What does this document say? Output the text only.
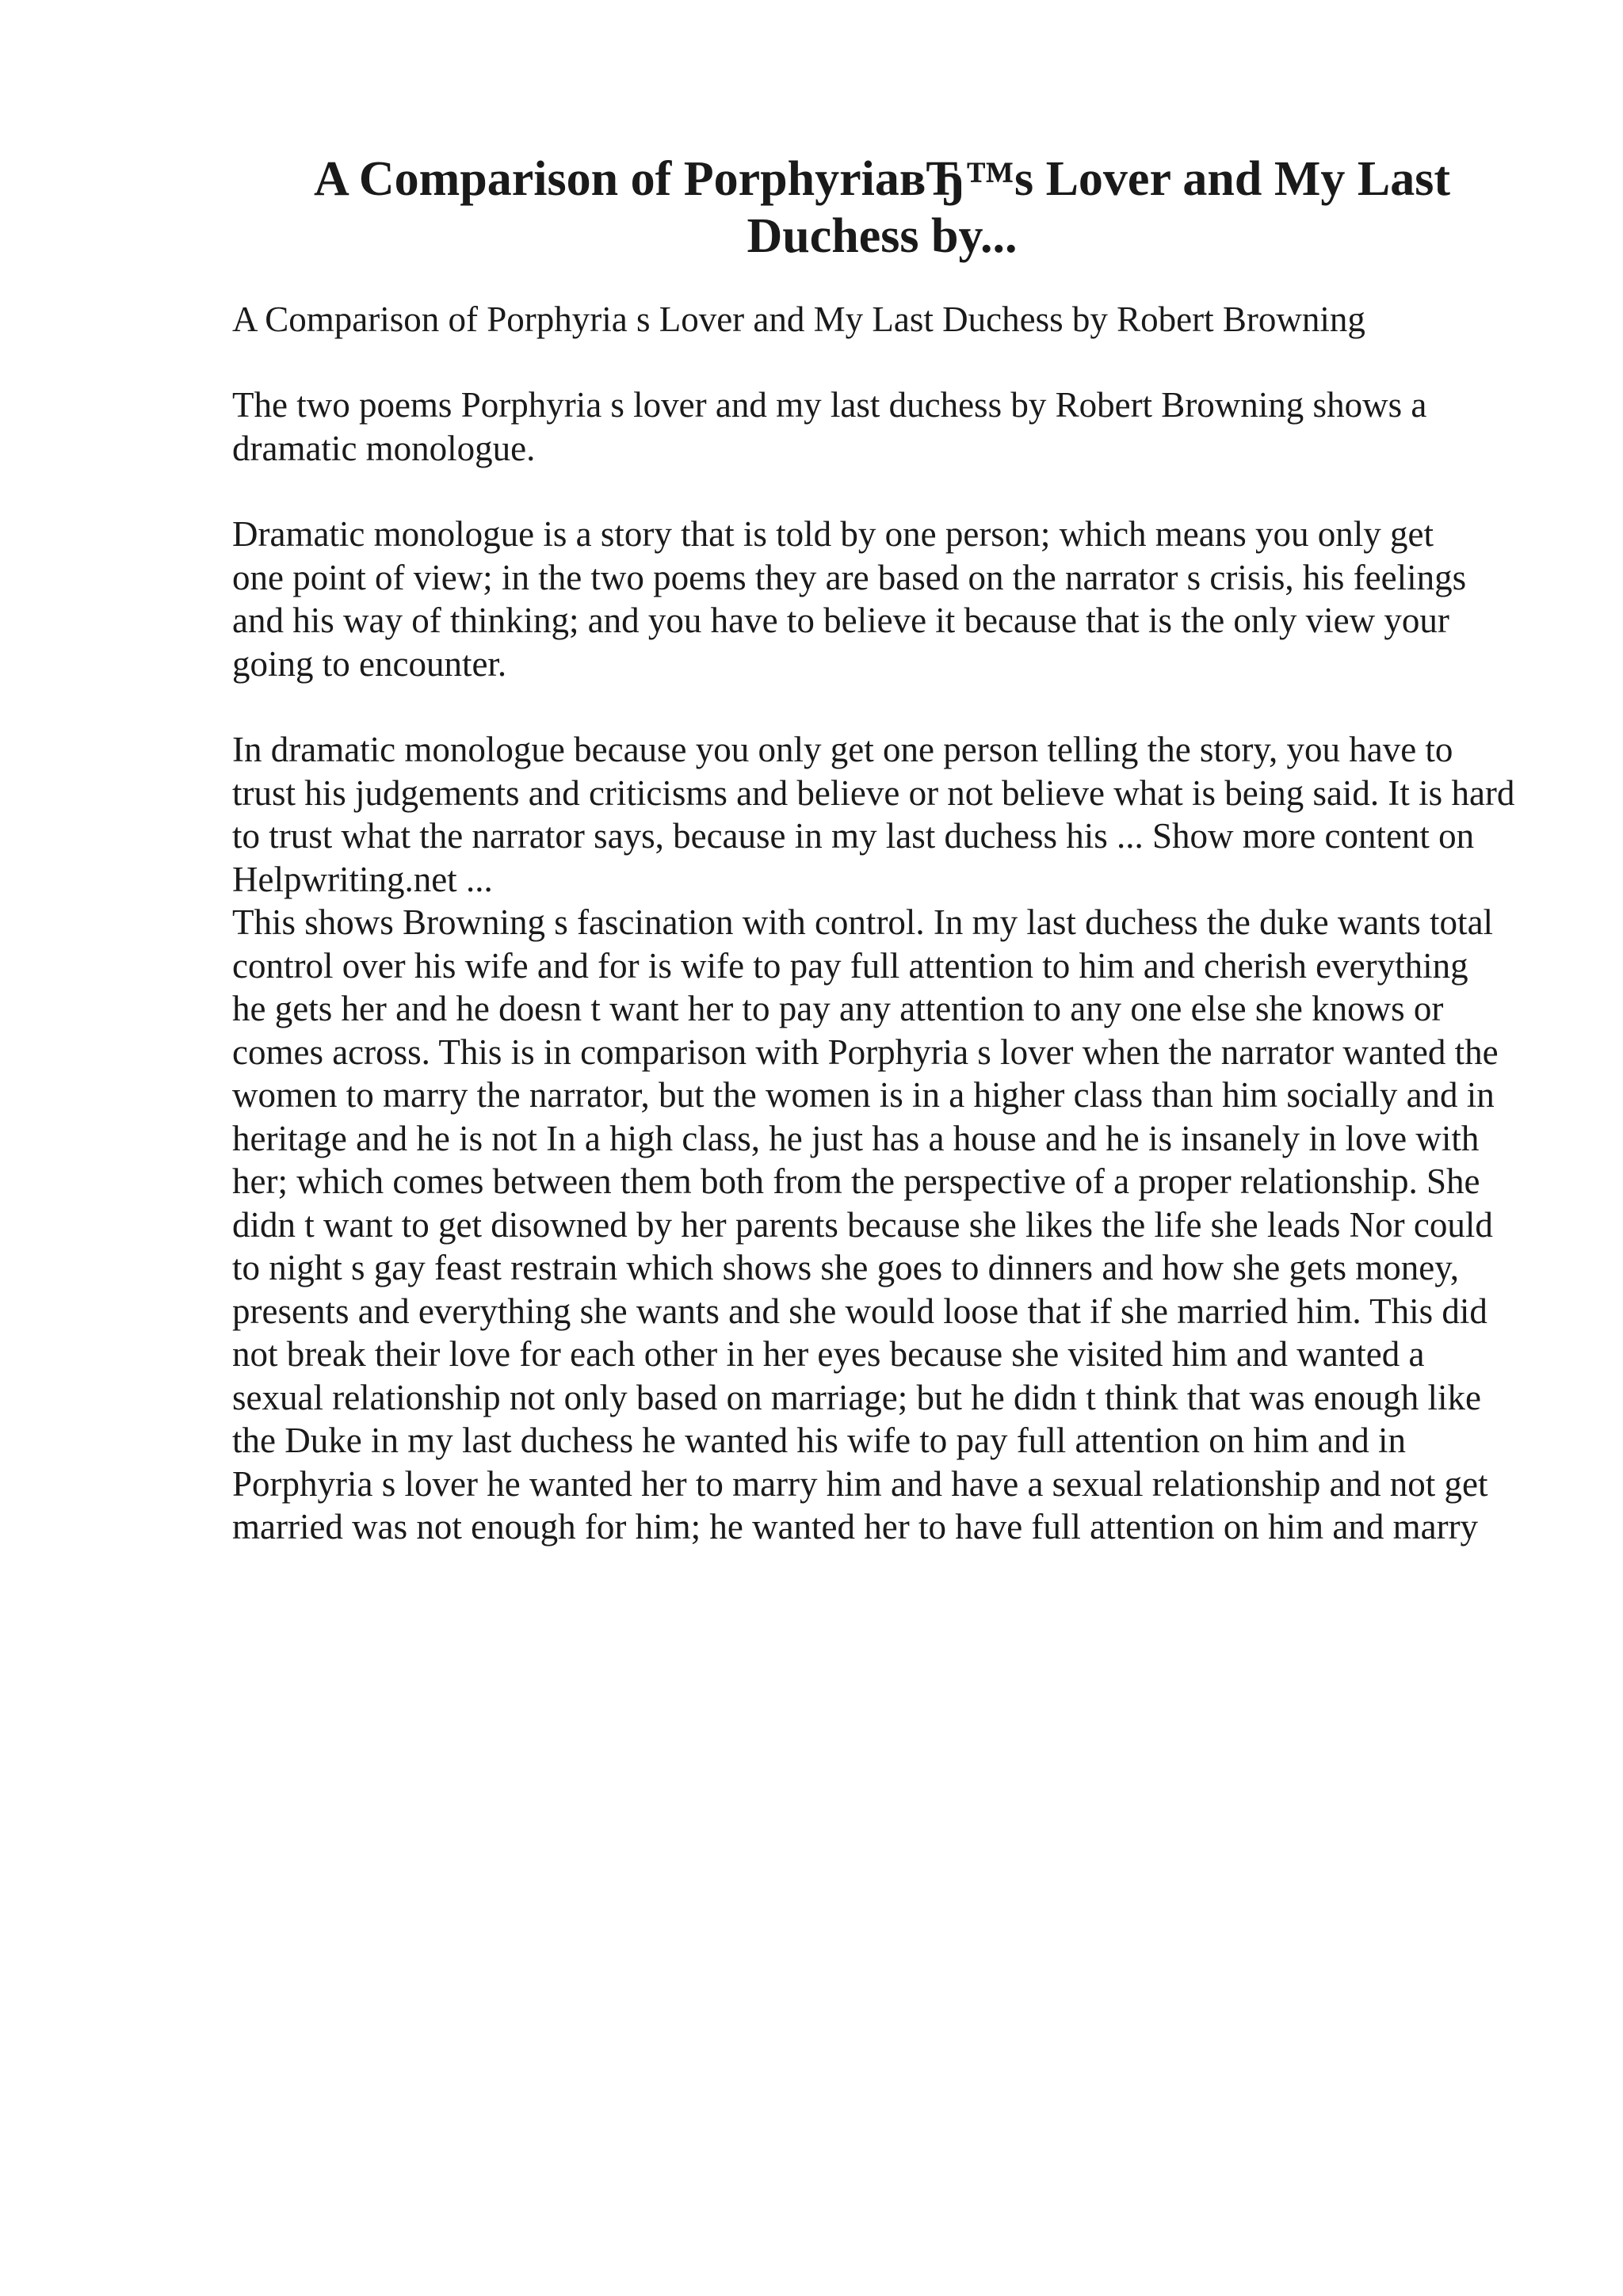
A Comparison of PorphyriaвЂ™s Lover and My Last Duchess by...

A Comparison of Porphyria s Lover and My Last Duchess by Robert Browning

The two poems Porphyria s lover and my last duchess by Robert Browning shows a dramatic monologue.

Dramatic monologue is a story that is told by one person; which means you only get one point of view; in the two poems they are based on the narrator s crisis, his feelings and his way of thinking; and you have to believe it because that is the only view your going to encounter.

In dramatic monologue because you only get one person telling the story, you have to trust his judgements and criticisms and believe or not believe what is being said. It is hard to trust what the narrator says, because in my last duchess his ... Show more content on Helpwriting.net ...

This shows Browning s fascination with control. In my last duchess the duke wants total control over his wife and for is wife to pay full attention to him and cherish everything he gets her and he doesn t want her to pay any attention to any one else she knows or comes across. This is in comparison with Porphyria s lover when the narrator wanted the women to marry the narrator, but the women is in a higher class than him socially and in heritage and he is not In a high class, he just has a house and he is insanely in love with her; which comes between them both from the perspective of a proper relationship. She didn t want to get disowned by her parents because she likes the life she leads Nor could to night s gay feast restrain which shows she goes to dinners and how she gets money, presents and everything she wants and she would loose that if she married him. This did not break their love for each other in her eyes because she visited him and wanted a sexual relationship not only based on marriage; but he didn t think that was enough like the Duke in my last duchess he wanted his wife to pay full attention on him and in Porphyria s lover he wanted her to marry him and have a sexual relationship and not get married was not enough for him; he wanted her to have full attention on him and marry
